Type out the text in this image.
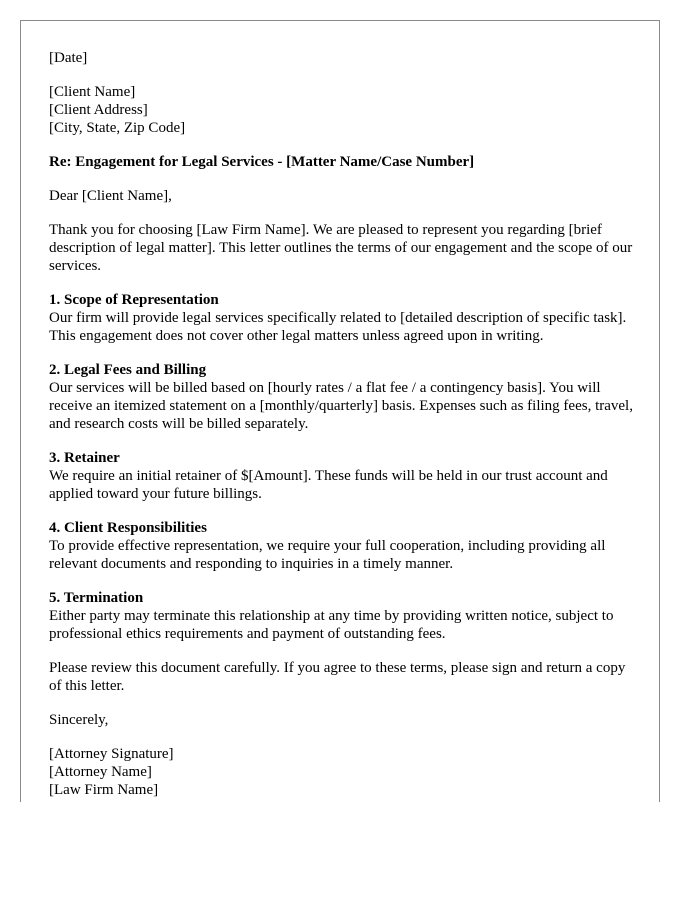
[Date]

[Client Name]
[Client Address]
[City, State, Zip Code]

Re: Engagement for Legal Services - [Matter Name/Case Number]

Dear [Client Name],

Thank you for choosing [Law Firm Name]. We are pleased to represent you regarding [brief description of legal matter]. This letter outlines the terms of our engagement and the scope of our services.

1. Scope of Representation
Our firm will provide legal services specifically related to [detailed description of specific task]. This engagement does not cover other legal matters unless agreed upon in writing.
2. Legal Fees and Billing
Our services will be billed based on [hourly rates / a flat fee / a contingency basis]. You will receive an itemized statement on a [monthly/quarterly] basis. Expenses such as filing fees, travel, and research costs will be billed separately.
3. Retainer
We require an initial retainer of $[Amount]. These funds will be held in our trust account and applied toward your future billings.
4. Client Responsibilities
To provide effective representation, we require your full cooperation, including providing all relevant documents and responding to inquiries in a timely manner.
5. Termination
Either party may terminate this relationship at any time by providing written notice, subject to professional ethics requirements and payment of outstanding fees.

Please review this document carefully. If you agree to these terms, please sign and return a copy of this letter.

Sincerely,

[Attorney Signature]
[Attorney Name]
[Law Firm Name]
